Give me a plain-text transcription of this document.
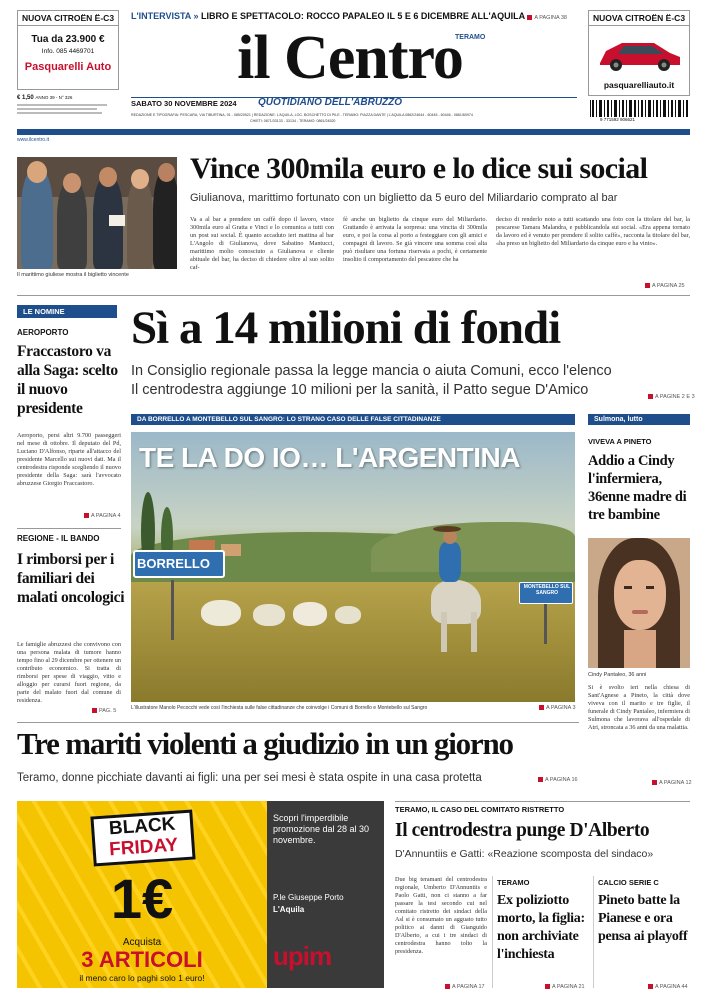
NUOVA CITROËN Ë-C3
Tua da 23.900 €
Info. 085 4469701
Pasquarelli Auto
€ 1,50 ANNO 39 - N° 326
L'INTERVISTA » LIBRO E SPETTACOLO: ROCCO PAPALEO IL 5 E 6 DICEMBRE ALL'AQUILA A PAGINA 38
il Centro
TERAMO
SABATO 30 NOVEMBRE 2024 QUOTIDIANO DELL'ABRUZZO
REDAZIONE E TIPOGRAFIA: PESCARA, VIA TIBURTINA, 91 - 085/20521 | REDAZIONE: L'AQUILA, LOC. BOSCHETTO DI PILE - TERAMO: PIAZZA DANTE | L'AQUILA 0862/24644 - 60445 - 60446 - 0861/60974
CHIETI: 0871/33133 - 33134 - TERAMO: 0861/24520
NUOVA CITROËN Ë-C3
pasquarelliauto.it
9 771592 906621
www.ilcentro.it
Il marittimo giuliese mostra il biglietto vincente
Vince 300mila euro e lo dice sui social
Giulianova, marittimo fortunato con un biglietto da 5 euro del Miliardario comprato al bar
Va a al bar a prendere un caffè dopo il lavoro, vince 300mila euro al Gratta e Vinci e lo comunica a tutti con un post sui social. È quanto accaduto ieri mattina al bar L'Angolo di Giulianova, dove Sabatino Mantucci, marittimo molto conosciuto a Giulianova e cliente abituale del bar, ha deciso di chiedere oltre al suo solito caf-
fè anche un biglietto da cinque euro del Miliardario. Grattando è arrivata la sorpresa: una vincita di 300mila euro, e poi la corsa al porto a festeggiare con gli amici e compagni di lavoro. Se già vincere una somma così alta può risultare una fortuna riservata a pochi, è certamente insolito il comportamento del pescatore che ha
deciso di renderlo noto a tutti scattando una foto con la titolare del bar, la pescarese Tamara Malandra, e pubblicandola sui social. «Era appena tornato da lavoro ed è venuto per prendere il solito caffè», racconta la titolare del bar, «ha preso un biglietto del Miliardario da cinque euro e ha vinto».
A PAGINA 25
LE NOMINE
AEROPORTO
Fraccastoro va alla Saga: scelto il nuovo presidente
Aeroporto, persi altri 9.700 passeggeri nel mese di ottobre. Il deputato del Pd, Luciano D'Alfonso, riparte all'attacco del presidente Marcello sui nuovi dati. Ma il centrodestra risponde scegliendo il nuovo presidente della Saga: sarà l'avvocato abruzzese Giorgio Fraccastoro.
A PAGINA 4
REGIONE - IL BANDO
I rimborsi per i familiari dei malati oncologici
Le famiglie abruzzesi che convivono con una persona malata di tumore hanno tempo fino al 29 dicembre per ottenere un contributo economico. Si tratta di rimborsi per spese di viaggio, vitto e alloggio per curarsi fuori regione, da parte del malato fuori dal comune di residenza.
PAG. 5
Sì a 14 milioni di fondi
In Consiglio regionale passa la legge mancia o aiuta Comuni, ecco l'elenco
Il centrodestra aggiunge 10 milioni per la sanità, il Patto segue D'Amico	A PAGINE 2 E 3
DA BORRELLO A MONTEBELLO SUL SANGRO: LO STRANO CASO DELLE FALSE CITTADINANZE
BORRELLO
MONTEBELLO SUL SANGRO
TE LA DO IO… L'ARGENTINA
L'illustratore Manolo Pecocchi vede così l'inchiesta sulle false cittadinanze che coinvolge i Comuni di Borrello e Montebello sul Sangro	A PAGINA 3
Sulmona, lutto
VIVEVA A PINETO
Addio a Cindy l'infermiera, 36enne madre di tre bambine
Cindy Pantaleo, 36 anni
Si è svolto ieri nella chiesa di Sant'Agnese a Pineto, la città dove viveva con il marito e tre figlie, il funerale di Cindy Pantaleo, infermiera di Sulmona che lavorava all'ospedale di Atri, stroncata a 36 anni da una malattia.
A PAGINA 12
Tre mariti violenti a giudizio in un giorno
Teramo, donne picchiate davanti ai figli: una per sei mesi è stata ospite in una casa protetta	A PAGINA 16
BLACK
FRIDAY
1€
Acquista
3 ARTICOLI
il meno caro lo paghi solo 1 euro!
Scopri l'imperdibile promozione dal 28 al 30 novembre.
P.le Giuseppe Porto
L'Aquila
upim
TERAMO, IL CASO DEL COMITATO RISTRETTO
Il centrodestra punge D'Alberto
D'Annuntiis e Gatti: «Reazione scomposta del sindaco»
Due big teramani del centrodestra regionale, Umberto D'Annuntiis e Paolo Gatti, non ci stanno a far passare la tesi secondo cui nel comitato ristretto dei sindaci della Asl si è consumato un agguato tutto politico ai danni di Gianguido D'Alberto, a cui i tre sindaci di centrodestra hanno tolto la presidenza.
A PAGINA 17
TERAMO
Ex poliziotto morto, la figlia: non archiviate l'inchiesta
A PAGINA 21
CALCIO SERIE C
Pineto batte la Pianese e ora pensa ai playoff
A PAGINA 44
